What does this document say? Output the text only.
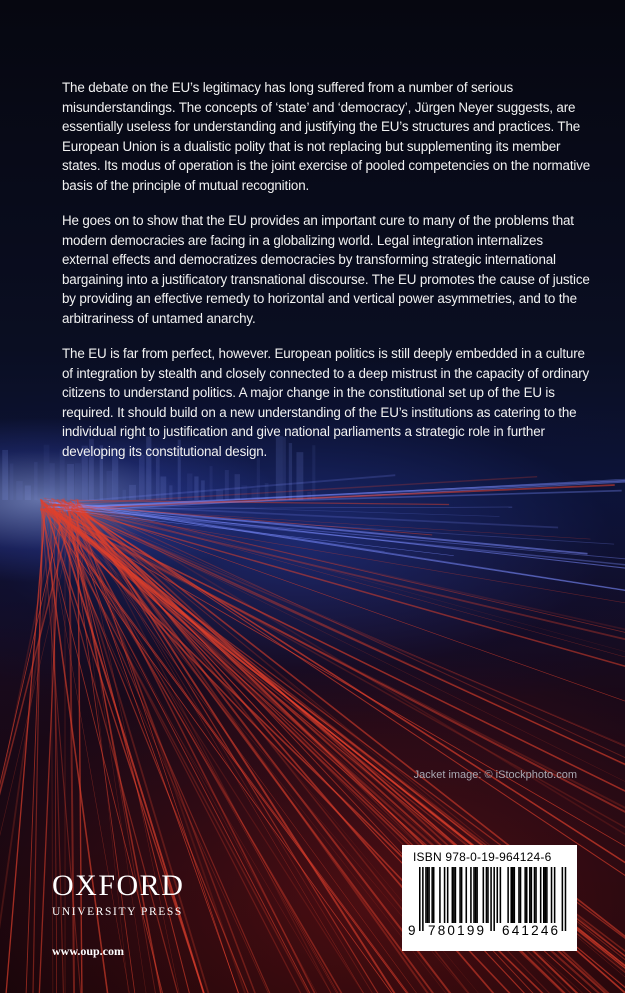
The debate on the EU’s legitimacy has long suffered from a number of serious misunderstandings. The concepts of ‘state’ and ‘democracy’, Jürgen Neyer suggests, are essentially useless for understanding and justifying the EU’s structures and practices. The European Union is a dualistic polity that is not replacing but supplementing its member states. Its modus of operation is the joint exercise of pooled competencies on the normative basis of the principle of mutual recognition.

He goes on to show that the EU provides an important cure to many of the problems that modern democracies are facing in a globalizing world. Legal integration internalizes external effects and democratizes democracies by transforming strategic international bargaining into a justificatory transnational discourse. The EU promotes the cause of justice by providing an effective remedy to horizontal and vertical power asymmetries, and to the arbitrariness of untamed anarchy.

The EU is far from perfect, however. European politics is still deeply embedded in a culture of integration by stealth and closely connected to a deep mistrust in the capacity of ordinary citizens to understand politics. A major change in the constitutional set up of the EU is required. It should build on a new understanding of the EU’s institutions as catering to the individual right to justification and give national parliaments a strategic role in further developing its constitutional design.

Jacket image: © iStockphoto.com
OXFORD
UNIVERSITY PRESS
www.oup.com
ISBN 978-0-19-964124-6
9 780199 641246
